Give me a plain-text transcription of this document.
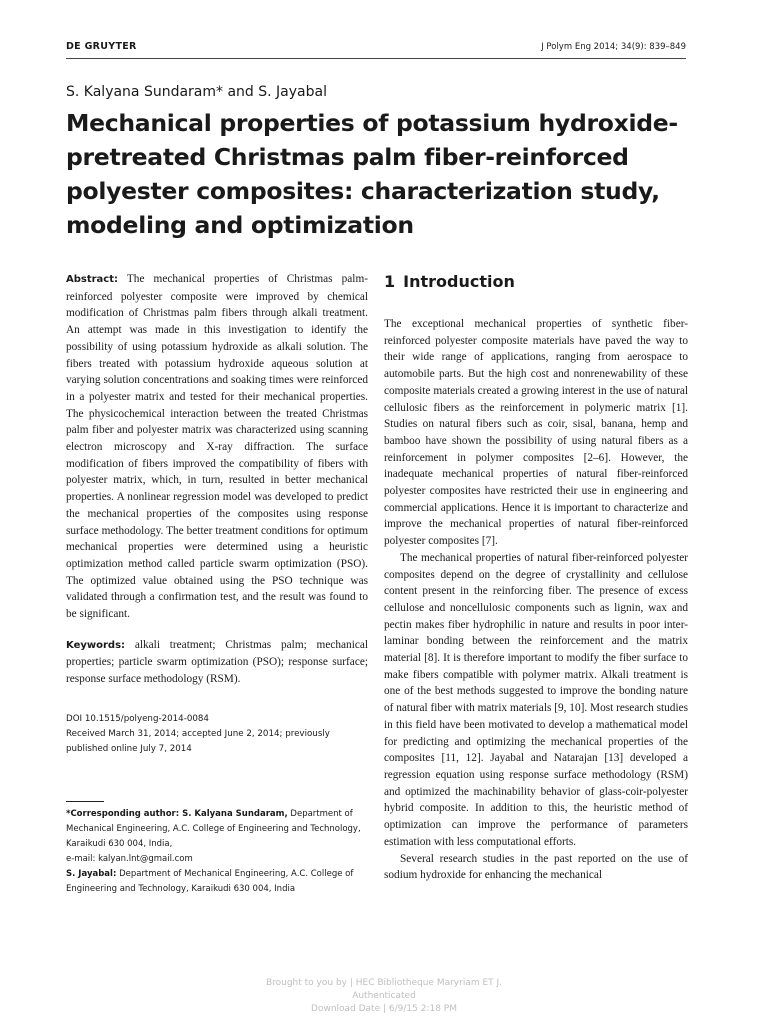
DE GRUYTER	J Polym Eng 2014; 34(9): 839–849
S. Kalyana Sundaram* and S. Jayabal
Mechanical properties of potassium hydroxide-pretreated Christmas palm fiber-reinforced polyester composites: characterization study, modeling and optimization

Abstract: The mechanical properties of Christmas palm-reinforced polyester composite were improved by chemical modification of Christmas palm fibers through alkali treatment. An attempt was made in this investigation to identify the possibility of using potassium hydroxide as alkali solution. The fibers treated with potassium hydroxide aqueous solution at varying solution concentrations and soaking times were reinforced in a polyester matrix and tested for their mechanical properties. The physicochemical interaction between the treated Christmas palm fiber and polyester matrix was characterized using scanning electron microscopy and X-ray diffraction. The surface modification of fibers improved the compatibility of fibers with polyester matrix, which, in turn, resulted in better mechanical properties. A nonlinear regression model was developed to predict the mechanical properties of the composites using response surface methodology. The better treatment conditions for optimum mechanical properties were determined using a heuristic optimization method called particle swarm optimization (PSO). The optimized value obtained using the PSO technique was validated through a confirmation test, and the result was found to be significant.

Keywords: alkali treatment; Christmas palm; mechanical properties; particle swarm optimization (PSO); response surface; response surface methodology (RSM).

DOI 10.1515/polyeng-2014-0084

Received March 31, 2014; accepted June 2, 2014; previously published online July 7, 2014

*Corresponding author: S. Kalyana Sundaram, Department of Mechanical Engineering, A.C. College of Engineering and Technology, Karaikudi 630 004, India,

e-mail: kalyan.lnt@gmail.com

S. Jayabal: Department of Mechanical Engineering, A.C. College of Engineering and Technology, Karaikudi 630 004, India

1 Introduction

The exceptional mechanical properties of synthetic fiber-reinforced polyester composite materials have paved the way to their wide range of applications, ranging from aerospace to automobile parts. But the high cost and nonrenewability of these composite materials created a growing interest in the use of natural cellulosic fibers as the reinforcement in polymeric matrix [1]. Studies on natural fibers such as coir, sisal, banana, hemp and bamboo have shown the possibility of using natural fibers as a reinforcement in polymer composites [2–6]. However, the inadequate mechanical properties of natural fiber-reinforced polyester composites have restricted their use in engineering and commercial applications. Hence it is important to characterize and improve the mechanical properties of natural fiber-reinforced polyester composites [7].

The mechanical properties of natural fiber-reinforced polyester composites depend on the degree of crystallinity and cellulose content present in the reinforcing fiber. The presence of excess cellulose and noncellulosic components such as lignin, wax and pectin makes fiber hydrophilic in nature and results in poor inter-laminar bonding between the reinforcement and the matrix material [8]. It is therefore important to modify the fiber surface to make fibers compatible with polymer matrix. Alkali treatment is one of the best methods suggested to improve the bonding nature of natural fiber with matrix materials [9, 10]. Most research studies in this field have been motivated to develop a mathematical model for predicting and optimizing the mechanical properties of the composites [11, 12]. Jayabal and Natarajan [13] developed a regression equation using response surface methodology (RSM) and optimized the machinability behavior of glass-coir-polyester hybrid composite. In addition to this, the heuristic method of optimization can improve the performance of parameters estimation with less computational efforts.

Several research studies in the past reported on the use of sodium hydroxide for enhancing the mechanical

Brought to you by | HEC Bibliotheque Maryriam ET J.
Authenticated
Download Date | 6/9/15 2:18 PM
